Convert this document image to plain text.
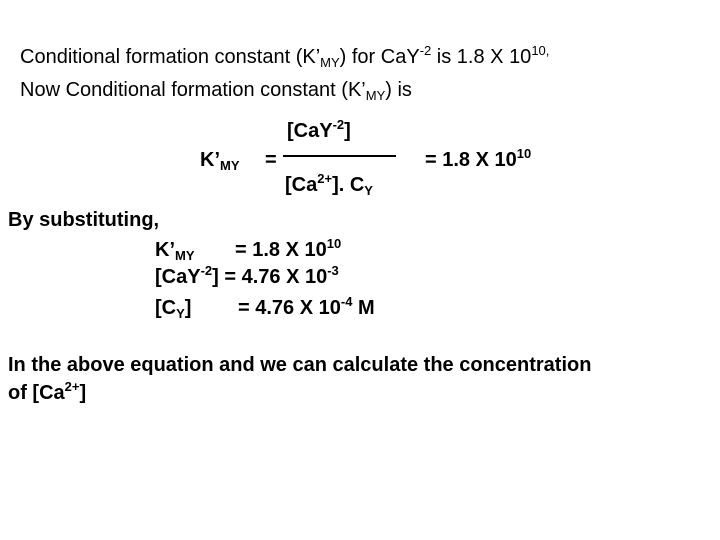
Conditional formation constant $(K’_{MY})$ for CaY$^{-2}$ is 1.8 X $10^{10,}$
Now Conditional formation constant $(K’_{MY})$ is
[CaY$^{-2}$]
$K’_{MY}$ =
$[Ca^{2+}]$. $C_Y$
= 1.8 X $10^{10}$
By substituting,
$K’_{MY} = 1.8$ X $10^{10}$
[CaY$^{-2}$] = 4.76 X $10^{-3}$
$[C_Y] = 4.76$ X $10^{-4}$ M
In the above equation and we can calculate the concentration
of $[Ca^{2+}]$
